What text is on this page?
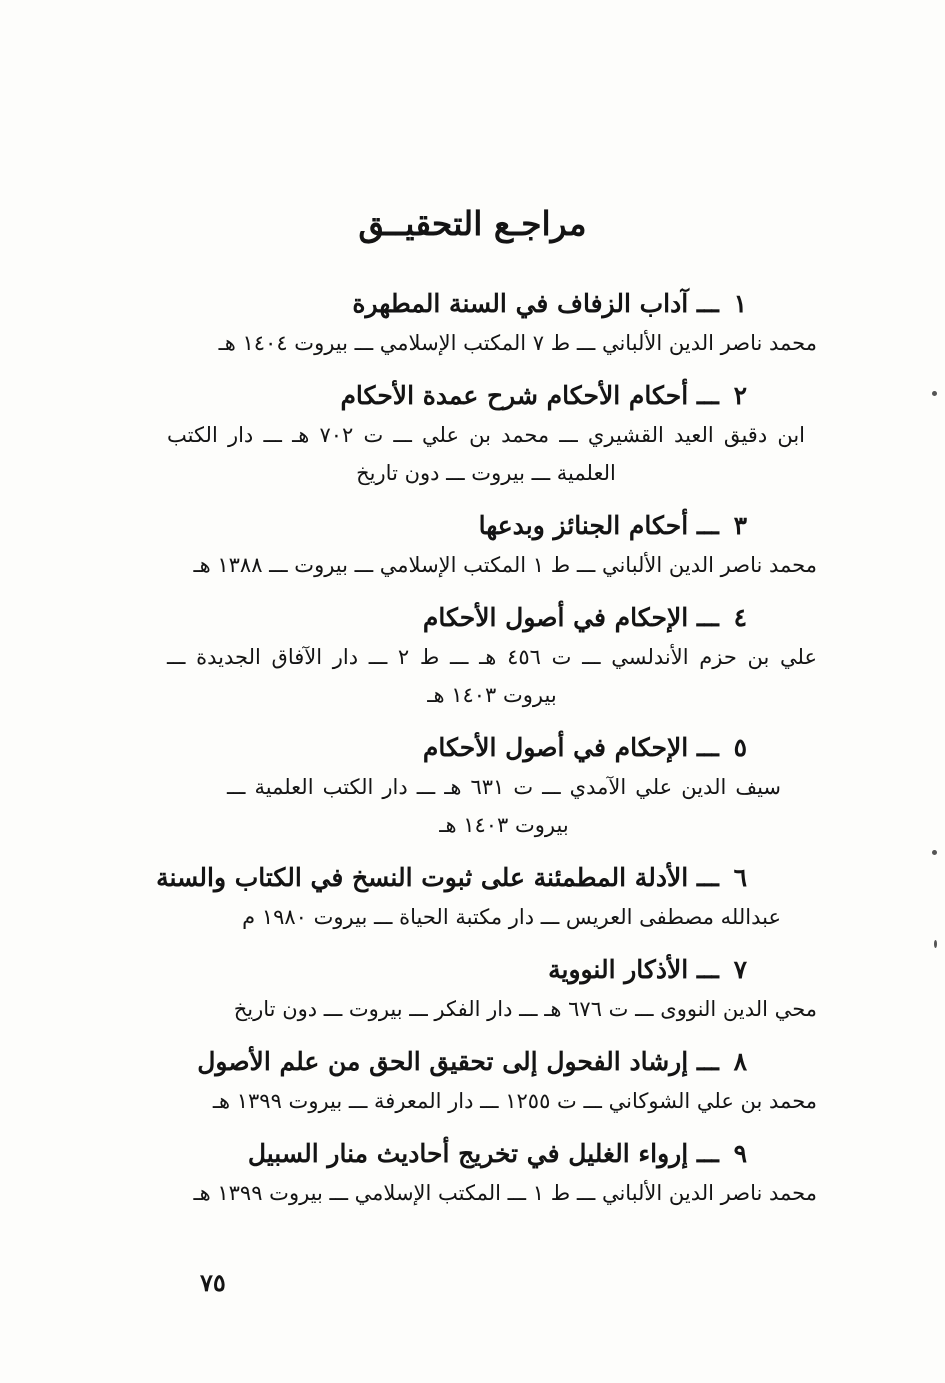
مراجـع التحقيــق
١ ـــ آداب الزفاف في السنة المطهرة
محمد ناصر الدين الألباني ـــ ط ٧ المكتب الإسلامي ـــ بيروت ١٤٠٤ هـ
٢ ـــ أحكام الأحكام شرح عمدة الأحكام
ابن دقيق العيد القشيري ـــ محمد بن علي ـــ ت ٧٠٢ هـ ـــ دار الكتب العلمية ـــ بيروت ـــ دون تاريخ
٣ ـــ أحكام الجنائز وبدعها
محمد ناصر الدين الألباني ـــ ط ١ المكتب الإسلامي ـــ بيروت ـــ ١٣٨٨ هـ
٤ ـــ الإحكام في أصول الأحكام
علي بن حزم الأندلسي ـــ ت ٤٥٦ هـ ـــ ط ٢ ـــ دار الآفاق الجديدة ـــ بيروت ١٤٠٣ هـ
٥ ـــ الإحكام في أصول الأحكام
سيف الدين علي الآمدي ـــ ت ٦٣١ هـ ـــ دار الكتب العلمية ـــ بيروت ١٤٠٣ هـ
٦ ـــ الأدلة المطمئنة على ثبوت النسخ في الكتاب والسنة
عبدالله مصطفى العريس ـــ دار مكتبة الحياة ـــ بيروت ١٩٨٠ م
٧ ـــ الأذكار النووية
محي الدين النووى ـــ ت ٦٧٦ هـ ـــ دار الفكر ـــ بيروت ـــ دون تاريخ
٨ ـــ إرشاد الفحول إلى تحقيق الحق من علم الأصول
محمد بن علي الشوكاني ـــ ت ١٢٥٥ ـــ دار المعرفة ـــ بيروت ١٣٩٩ هـ
٩ ـــ إرواء الغليل في تخريج أحاديث منار السبيل
محمد ناصر الدين الألباني ـــ ط ١ ـــ المكتب الإسلامي ـــ بيروت ١٣٩٩ هـ
٧٥
